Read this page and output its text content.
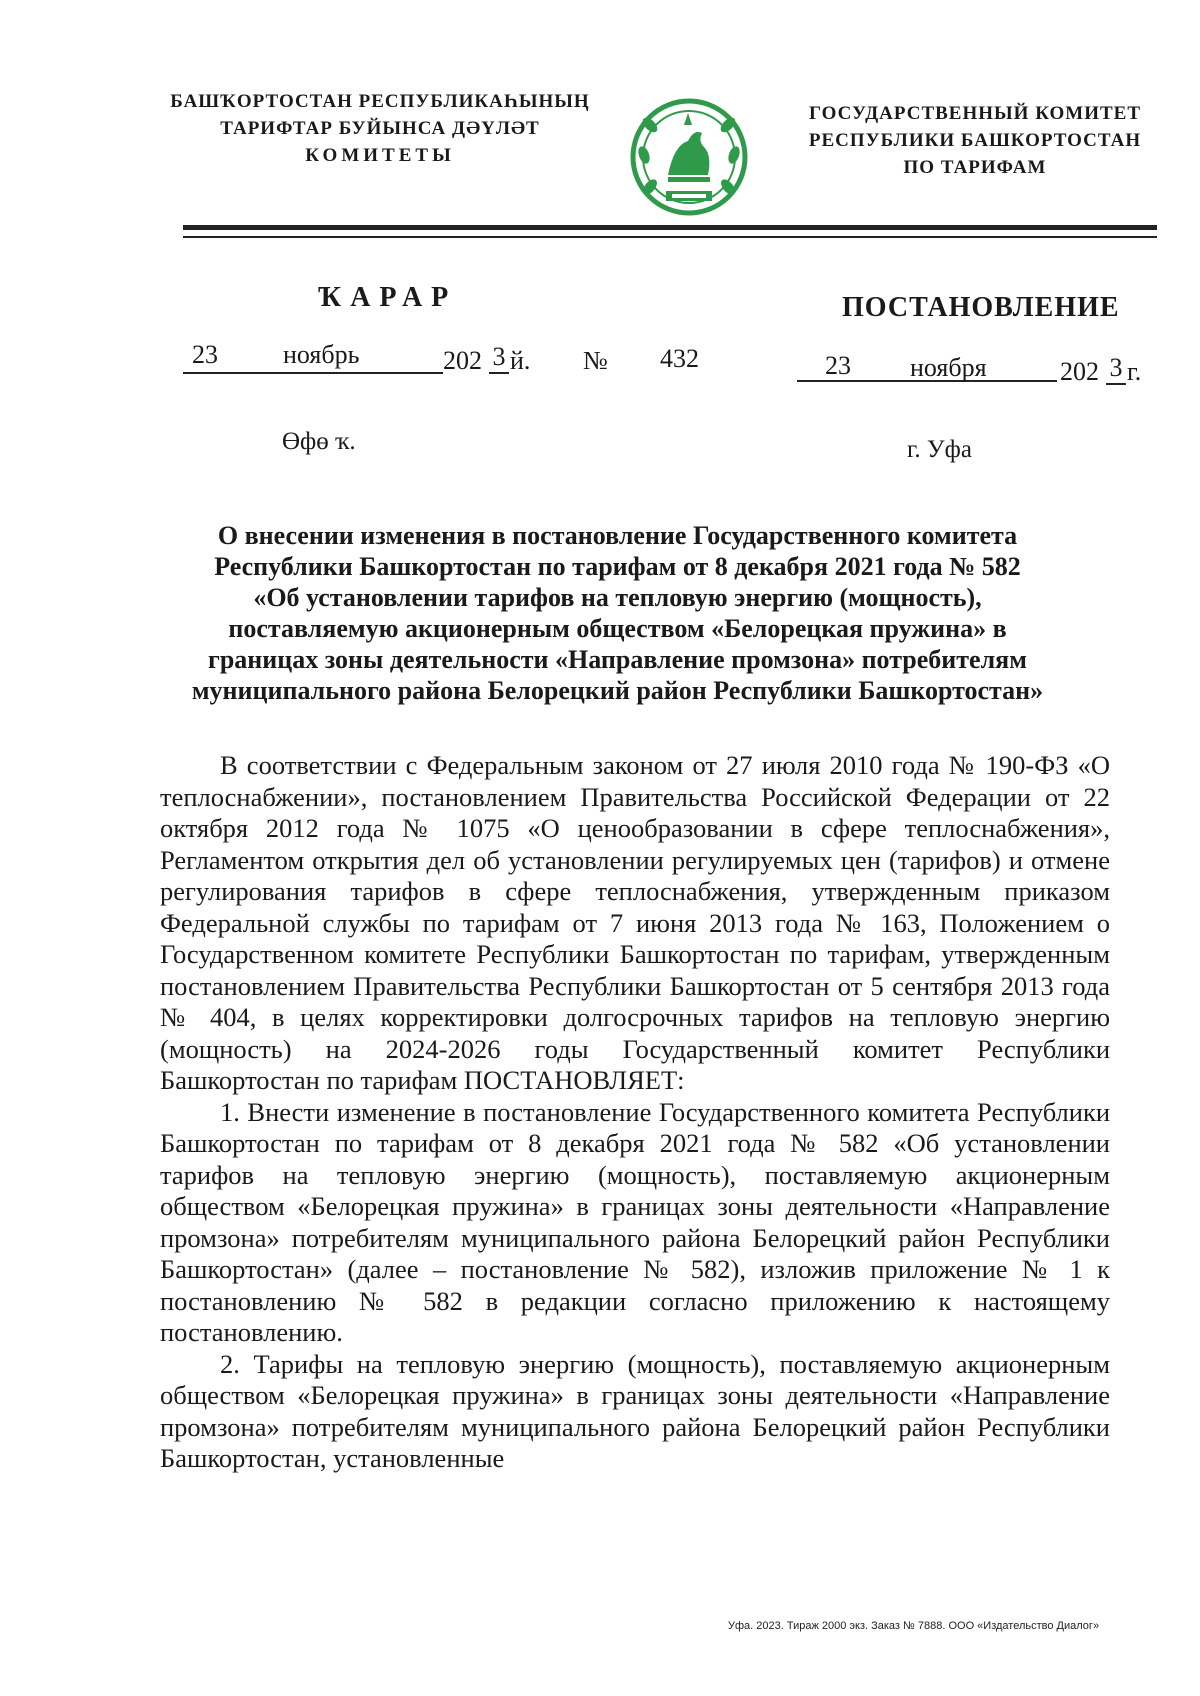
БАШҠОРТОСТАН РЕСПУБЛИКАҺЫНЫҢ
ТАРИФТАР БУЙЫНСА ДӘҮЛӘТ
КОМИТЕТЫ
ГОСУДАРСТВЕННЫЙ КОМИТЕТ
РЕСПУБЛИКИ БАШКОРТОСТАН
ПО ТАРИФАМ
ҠАРАР	ПОСТАНОВЛЕНИЕ
23	ноябрь	202 3 й. № 432	23 ноября	202 3 г.
Өфө ҡ.	г. Уфа
О внесении изменения в постановление Государственного комитета
Республики Башкортостан по тарифам от 8 декабря 2021 года № 582
«Об установлении тарифов на тепловую энергию (мощность),
поставляемую акционерным обществом «Белорецкая пружина» в
границах зоны деятельности «Направление промзона» потребителям
муниципального района Белорецкий район Республики Башкортостан»

В соответствии с Федеральным законом от 27 июля 2010 года № 190-ФЗ «О теплоснабжении», постановлением Правительства Российской Федерации от 22 октября 2012 года № 1075 «О ценообразовании в сфере теплоснабжения», Регламентом открытия дел об установлении регулируемых цен (тарифов) и отмене регулирования тарифов в сфере теплоснабжения, утвержденным приказом Федеральной службы по тарифам от 7 июня 2013 года № 163, Положением о Государственном комитете Республики Башкортостан по тарифам, утвержденным постановлением Правительства Республики Башкортостан от 5 сентября 2013 года № 404, в целях корректировки долгосрочных тарифов на тепловую энергию (мощность) на 2024-2026 годы Государственный комитет Республики Башкортостан по тарифам ПОСТАНОВЛЯЕТ:

1. Внести изменение в постановление Государственного комитета Республики Башкортостан по тарифам от 8 декабря 2021 года № 582 «Об установлении тарифов на тепловую энергию (мощность), поставляемую акционерным обществом «Белорецкая пружина» в границах зоны деятельности «Направление промзона» потребителям муниципального района Белорецкий район Республики Башкортостан» (далее – постановление № 582), изложив приложение № 1 к постановлению № 582 в редакции согласно приложению к настоящему постановлению.

2. Тарифы на тепловую энергию (мощность), поставляемую акционерным обществом «Белорецкая пружина» в границах зоны деятельности «Направление промзона» потребителям муниципального района Белорецкий район Республики Башкортостан, установленные

Уфа. 2023. Тираж 2000 экз. Заказ № 7888. ООО «Издательство Диалог»
